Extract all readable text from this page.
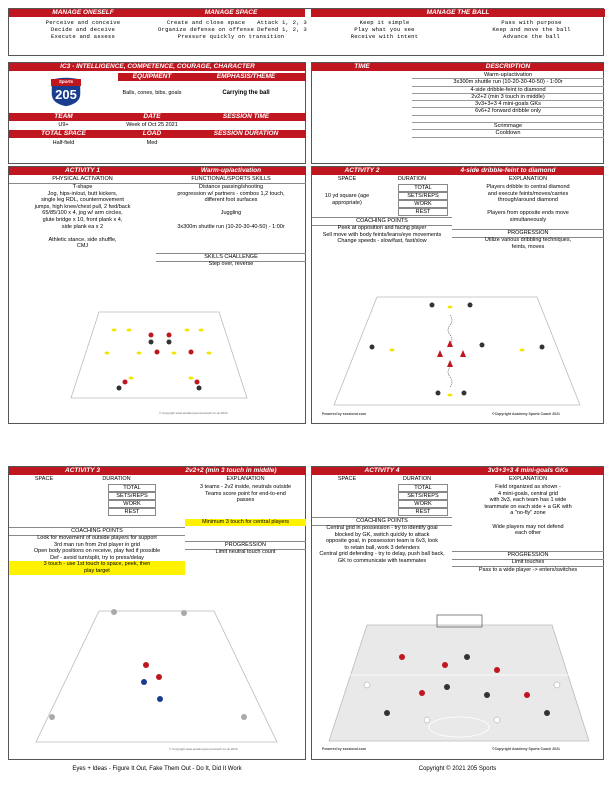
MANAGE ONESELF	MANAGE SPACE	MANAGE THE BALL
Perceive and conceive
Decide and deceive
Execute and assess
Create and close space
Organize defense on offense
Attack 1, 2, 3
Defend 1, 2, 3
Pressure quickly on transition
Keep it simple
Play what you see
Receive with intent
Pass with purpose
Keep and move the ball
Advance the ball
IC3 - INTELLIGENCE, COMPETENCE, COURAGE, CHARACTER
Sports
205
EQUIPMENT	EMPHASIS/THEME
Balls, cones, bibs, goals	Carrying the ball
TEAM	DATE	SESSION TIME
U9+	Week of Oct 25 2021
TOTAL SPACE	LOAD	SESSION DURATION
Half-field	Med
TIME	DESCRIPTION
Warm-up/activation
3x300m shuttle run (10-20-30-40-50) - 1:00r
4-side dribble-feint to diamond
2v2+2 (min 3 touch in middle)
3v3+3+3 4 mini-goals GKs
6v6+2 forward dribble only
Scrimmage
Cooldown
ACTIVITY 1	Warm-up/activation
PHYSICAL ACTIVATION	FUNCTIONAL/SPORTS SKILLS
T-shape
Jog, hips-in/out, butt kickers,
single leg RDL, countermovement
jumps, high knee/chest pull, 2 fwd/back
65/85/100 x 4, jog w/ arm circles,
glute bridge x 10, front plank x 4,
side plank ea x 2
Athletic stance, side shuffle,
CMJ
Distance passing/shooting
progression w/ partners - combos 1,2 touch,
different foot surfaces
Juggling
3x300m shuttle run (10-20-30-40-50) - 1:00r
SKILLS CHALLENGE
Step over, reverse
© Copyright www.academysoccercoach.co.uk 2019
ACTIVITY 2	4-side dribble-feint to diamond
SPACE	DURATION	EXPLANATION
10 yd square (age appropriate)
TOTAL
SETS/REPS
WORK
REST
Players dribble to central diamond
and execute feints/moves/carries
through/around diamond
Players from opposite ends move
simultaneously
COACHING POINTS
Peek at opposition and facing player
Sell move with body feints/leans/eye movements
Change speeds - slow/fast, fast/slow
PROGRESSION
Utilize various dribbling techniques,
feints, moves
Powered by sessiond.com	©Copyright Academy Sports Coach 2021
ACTIVITY 3	2v2+2 (min 3 touch in middle)
SPACE	DURATION	EXPLANATION
TOTAL
SETS/REPS
WORK
REST
3 teams - 2v2 inside, neutrals outside
Teams score point for end-to-end
passes
Minimum 3 touch for central players
COACHING POINTS
Look for movement of outside players for support
3rd man run from 2nd player in grid
Open body positions on receive, play fwd if possible
Def - avoid turn/split, try to press/delay
3 touch - use 1st touch to space, peek, then
play target
PROGRESSION
Limit neutral touch count
© Copyright www.academysoccercoach.co.uk 2019
ACTIVITY 4	3v3+3+3 4 mini-goals GKs
SPACE	DURATION	EXPLANATION
TOTAL
SETS/REPS
WORK
REST
Field organized as shown -
4 mini-goals, central grid
with 3v3, each team has 1 wide
teammate on each side + a GK with
a "no-fly" zone
Wide players may not defend
each other
COACHING POINTS
Central grid in possession - try to identify goal
blocked by GK, switch quickly to attack
opposite goal, in possession team is 6v3, look
to retain ball, work 3 defenders
Central grid defending - try to delay, push ball back,
GK to communicate with teammates
PROGRESSION
Limit touches
Pass to a wide player -> enters/switches
Powered by sessiond.com	©Copyright Academy Sports Coach 2021
Eyes + Ideas - Figure It Out, Fake Them Out - Do It, Did It Work	Copyright © 2021 205 Sports
